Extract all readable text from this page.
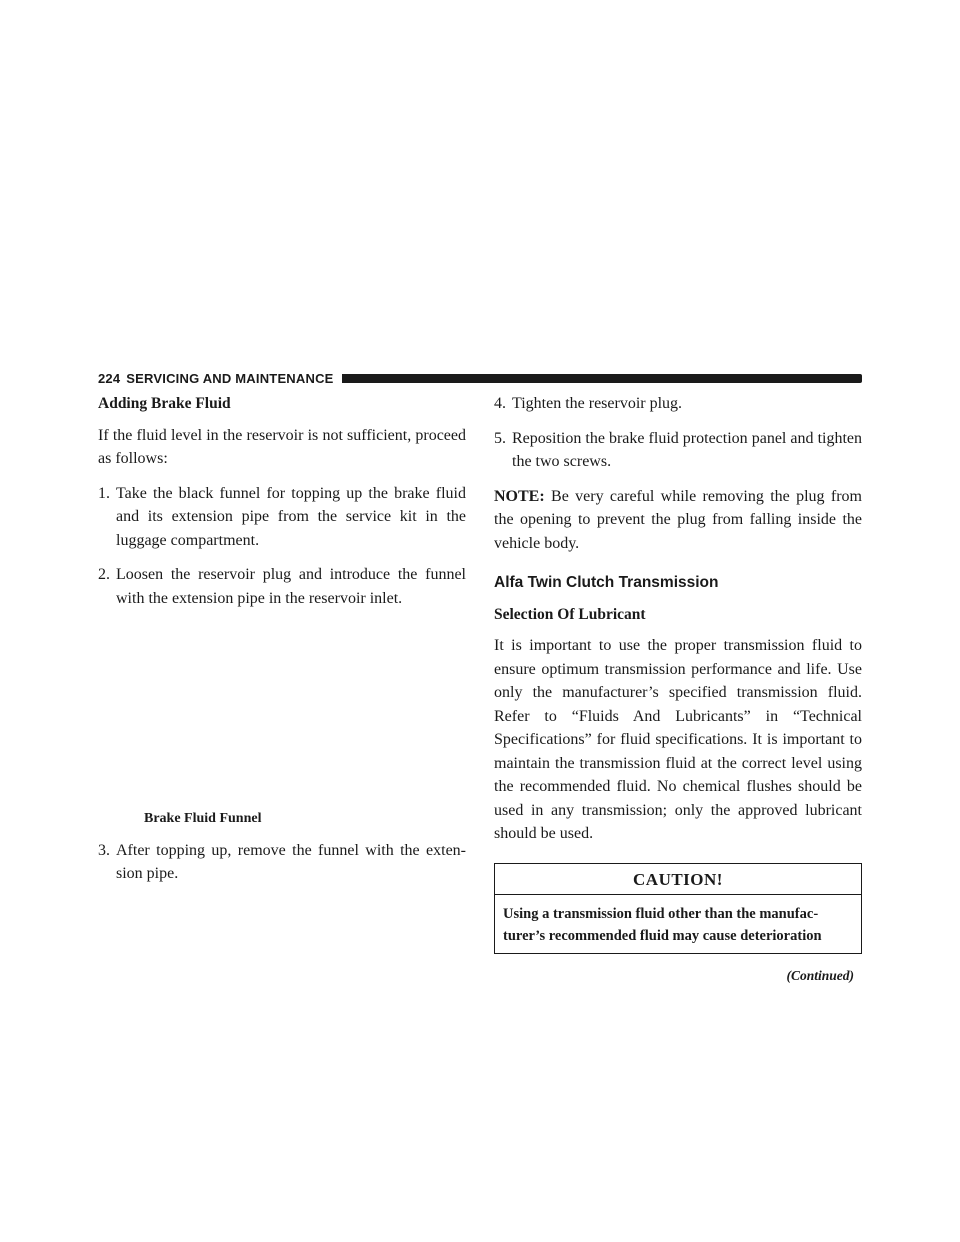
224 SERVICING AND MAINTENANCE

Adding Brake Fluid

If the fluid level in the reservoir is not sufficient, proceed as follows:

1. Take the black funnel for topping up the brake fluid and its extension pipe from the service kit in the luggage compartment.
2. Loosen the reservoir plug and introduce the funnel with the extension pipe in the reservoir inlet.

Brake Fluid Funnel

3. After topping up, remove the funnel with the exten- sion pipe.
4. Tighten the reservoir plug.
5. Reposition the brake fluid protection panel and tighten the two screws.

NOTE: Be very careful while removing the plug from the opening to prevent the plug from falling inside the vehicle body.

Alfa Twin Clutch Transmission

Selection Of Lubricant

It is important to use the proper transmission fluid to ensure optimum transmission performance and life. Use only the manufacturer’s specified transmission fluid. Refer to “Fluids And Lubricants” in “Technical Specifications” for fluid specifications. It is important to maintain the transmission fluid at the correct level using the recommended fluid. No chemical flushes should be used in any transmission; only the approved lubricant should be used.

CAUTION!
Using a transmission fluid other than the manufac- turer’s recommended fluid may cause deterioration

(Continued)
